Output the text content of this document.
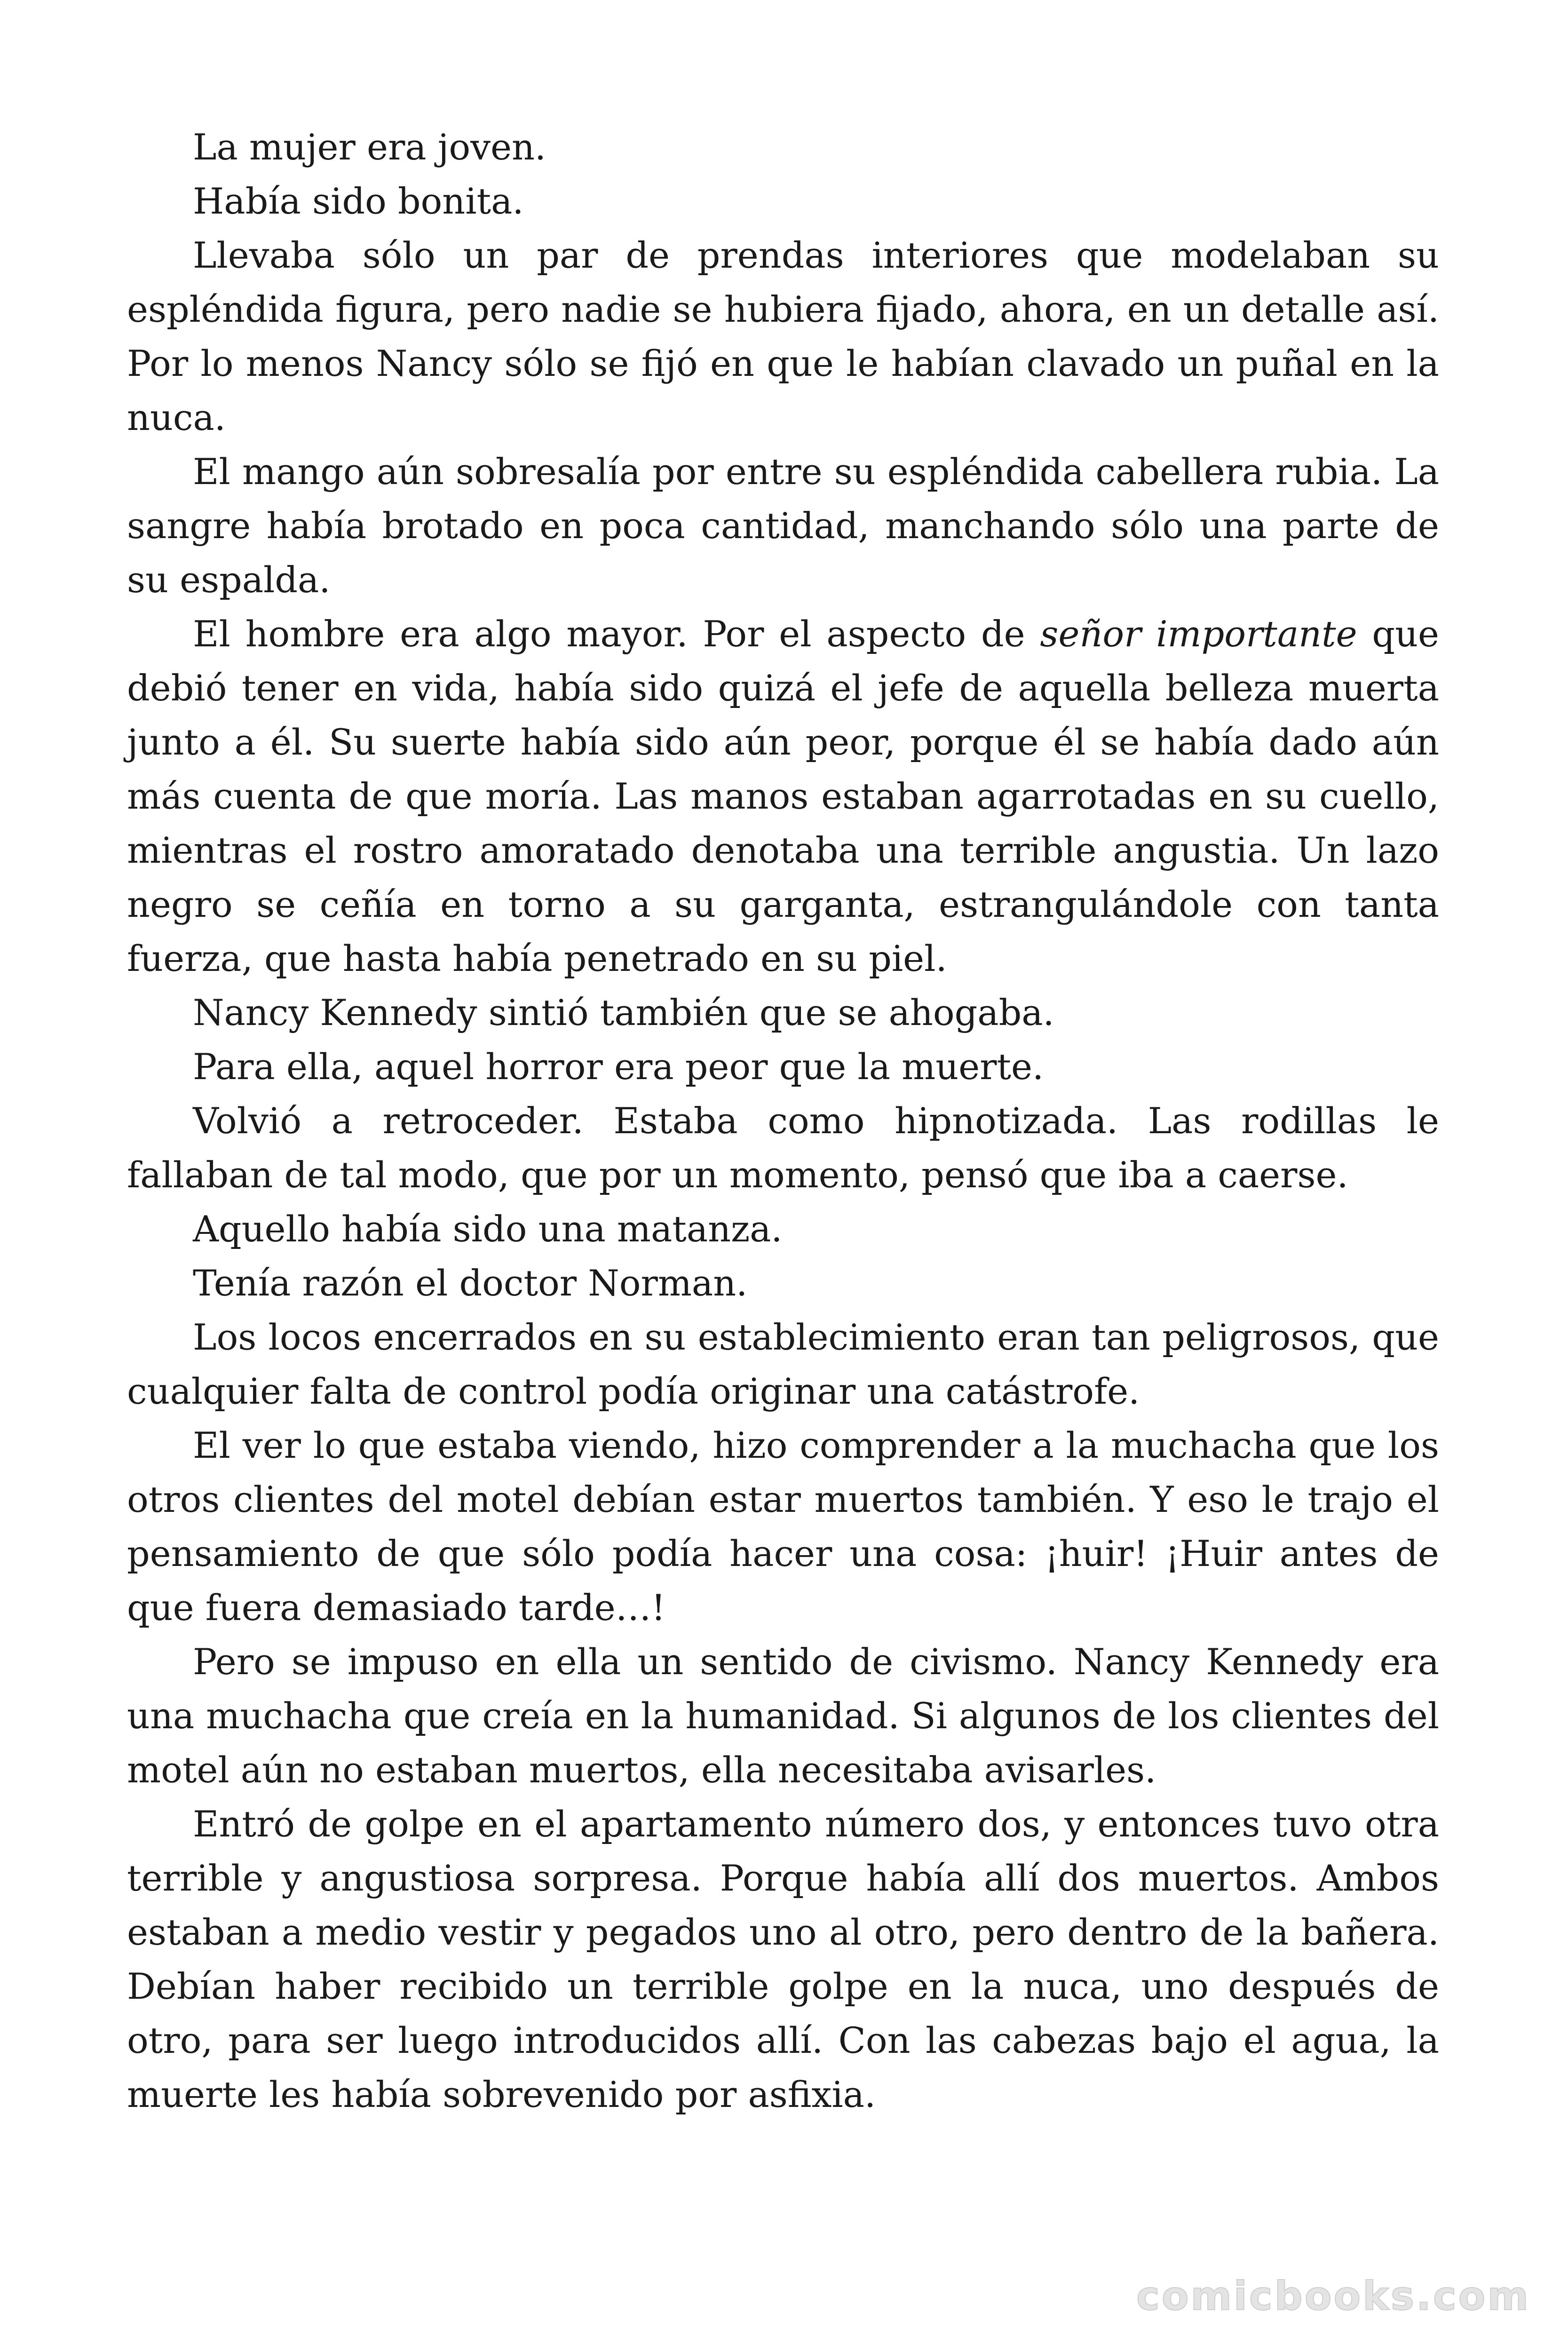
La mujer era joven.

Había sido bonita.

Llevaba sólo un par de prendas interiores que modelaban su espléndida figura, pero nadie se hubiera fijado, ahora, en un detalle así. Por lo menos Nancy sólo se fijó en que le habían clavado un puñal en la nuca.

El mango aún sobresalía por entre su espléndida cabellera rubia. La sangre había brotado en poca cantidad, manchando sólo una parte de su espalda.

El hombre era algo mayor. Por el aspecto de señor importante que debió tener en vida, había sido quizá el jefe de aquella belleza muerta junto a él. Su suerte había sido aún peor, porque él se había dado aún más cuenta de que moría. Las manos estaban agarrotadas en su cuello, mientras el rostro amoratado denotaba una terrible angustia. Un lazo negro se ceñía en torno a su garganta, estrangulándole con tanta fuerza, que hasta había penetrado en su piel.

Nancy Kennedy sintió también que se ahogaba.

Para ella, aquel horror era peor que la muerte.

Volvió a retroceder. Estaba como hipnotizada. Las rodillas le fallaban de tal modo, que por un momento, pensó que iba a caerse.

Aquello había sido una matanza.

Tenía razón el doctor Norman.

Los locos encerrados en su establecimiento eran tan peligrosos, que cualquier falta de control podía originar una catástrofe.

El ver lo que estaba viendo, hizo comprender a la muchacha que los otros clientes del motel debían estar muertos también. Y eso le trajo el pensamiento de que sólo podía hacer una cosa: ¡huir! ¡Huir antes de que fuera demasiado tarde…!

Pero se impuso en ella un sentido de civismo. Nancy Kennedy era una muchacha que creía en la humanidad. Si algunos de los clientes del motel aún no estaban muertos, ella necesitaba avisarles.

Entró de golpe en el apartamento número dos, y entonces tuvo otra terrible y angustiosa sorpresa. Porque había allí dos muertos. Ambos estaban a medio vestir y pegados uno al otro, pero dentro de la bañera. Debían haber recibido un terrible golpe en la nuca, uno después de otro, para ser luego introducidos allí. Con las cabezas bajo el agua, la muerte les había sobrevenido por asfixia.

comicbooks.com
